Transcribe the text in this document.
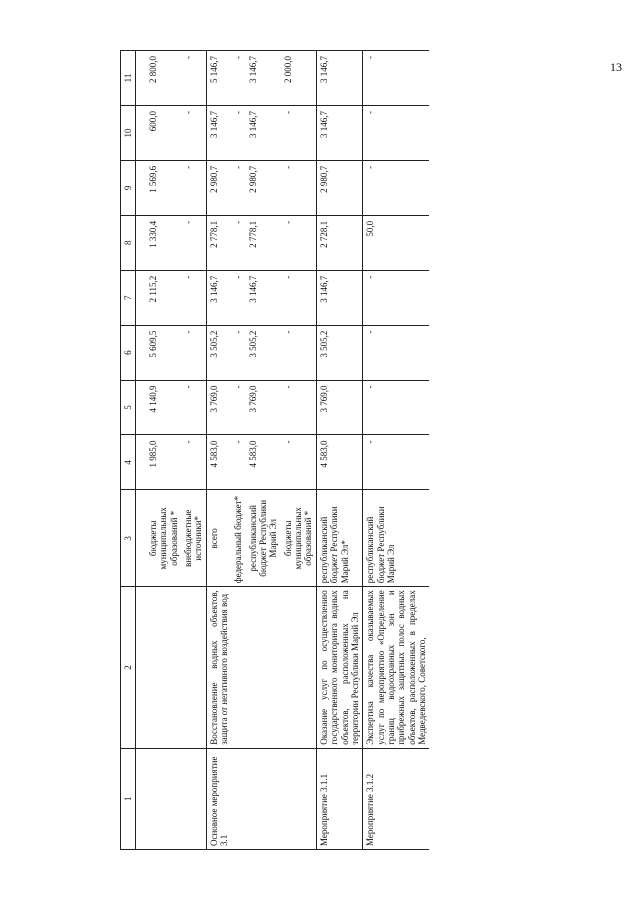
13
1	2	3	4	5	6	7	8	9	10	11

		бюджеты муниципальных образований *	1 985,0	4 140,9	5 609,5	2 115,2	1 330,4	1 569,6	600,0	2 800,0
		внебюджетные источники*	-	-	-	-	-	-	-	-
Основное мероприятие 3.1	Восстановление водных объектов, защита от негативного воздействия вод	всего	4 583,0	3 769,0	3 505,2	3 146,7	2 778,1	2 980,7	3 146,7	5 146,7
		федеральный бюджет*	-	-	-	-	-	-	-	-
		республиканский бюджет Республики Марий Эл	4 583,0	3 769,0	3 505,2	3 146,7	2 778,1	2 980,7	3 146,7	3 146,7
		бюджеты муниципальных образований *	-	-	-	-	-	-	-	2 000,0
Мероприятие 3.1.1	Оказание услуг по осуществлению государственного мониторинга водных объектов, расположенных на территории Республики Марий Эл	республиканский бюджет Республики Марий Эл*	4 583,0	3 769,0	3 505,2	3 146,7	2 728,1	2 980,7	3 146,7	3 146,7
Мероприятие 3.1.2	Экспертиза качества оказываемых услуг по мероприятию «Определение границ водоохранных зон и прибрежных защитных полос водных объектов, расположенных в пределах Медведевского, Советского,	республиканский бюджет Республики Марий Эл	-	-	-	-	50,0	-	-	-
